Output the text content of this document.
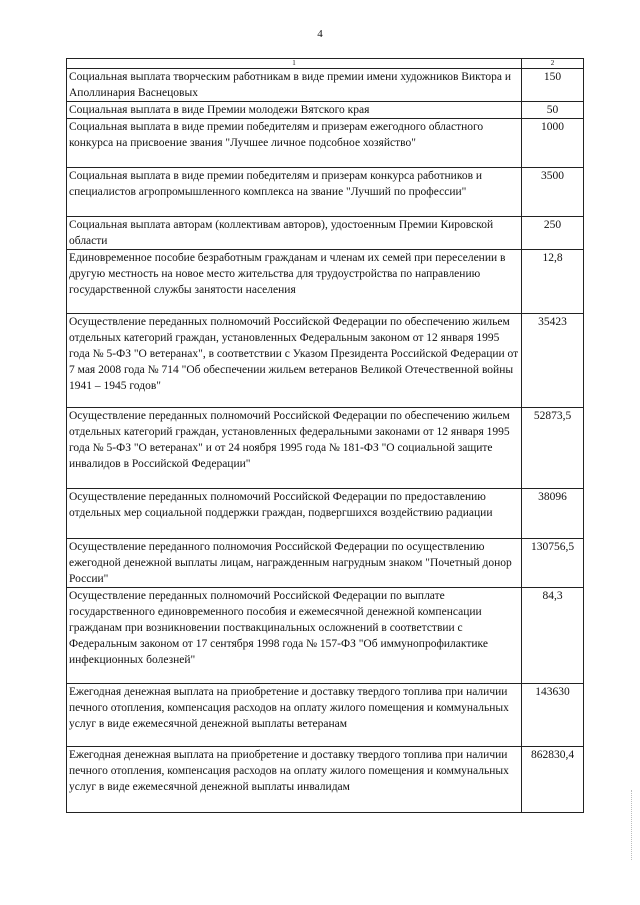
4
1	2
Социальная выплата творческим работникам в виде премии имени художников Виктора и Аполлинария Васнецовых	150
Социальная выплата в виде Премии молодежи Вятского края	50
Социальная выплата в виде премии победителям и призерам ежегодного областного конкурса на присвоение звания "Лучшее личное подсобное хозяйство"	1000
Социальная выплата в виде премии победителям и призерам конкурса работников и специалистов агропромышленного комплекса на звание "Лучший по профессии"	3500
Социальная выплата авторам (коллективам авторов), удостоенным Премии Кировской области	250
Единовременное пособие безработным гражданам и членам их семей при переселении в другую местность на новое место жительства для трудоустройства по направлению государственной службы занятости населения	12,8
Осуществление переданных полномочий Российской Федерации по обеспечению жильем отдельных категорий граждан, установленных Федеральным законом от 12 января 1995 года № 5-ФЗ "О ветеранах", в соответствии с Указом Президента Российской Федерации от 7 мая 2008 года № 714 "Об обеспечении жильем ветеранов Великой Отечественной войны 1941 – 1945 годов"	35423
Осуществление переданных полномочий Российской Федерации по обеспечению жильем отдельных категорий граждан, установленных федеральными законами от 12 января 1995 года № 5-ФЗ "О ветеранах" и от 24 ноября 1995 года № 181-ФЗ "О социальной защите инвалидов в Российской Федерации"	52873,5
Осуществление переданных полномочий Российской Федерации по предоставлению отдельных мер социальной поддержки граждан, подвергшихся воздействию радиации	38096
Осуществление переданного полномочия Российской Федерации по осуществлению ежегодной денежной выплаты лицам, награжденным нагрудным знаком "Почетный донор России"	130756,5
Осуществление переданных полномочий Российской Федерации по выплате государственного единовременного пособия и ежемесячной денежной компенсации гражданам при возникновении поствакцинальных осложнений в соответствии с Федеральным законом от 17 сентября 1998 года № 157-ФЗ "Об иммунопрофилактике инфекционных болезней"	84,3
Ежегодная денежная выплата на приобретение и доставку твердого топлива при наличии печного отопления, компенсация расходов на оплату жилого помещения и коммунальных услуг в виде ежемесячной денежной выплаты ветеранам	143630
Ежегодная денежная выплата на приобретение и доставку твердого топлива при наличии печного отопления, компенсация расходов на оплату жилого помещения и коммунальных услуг в виде ежемесячной денежной выплаты инвалидам	862830,4
